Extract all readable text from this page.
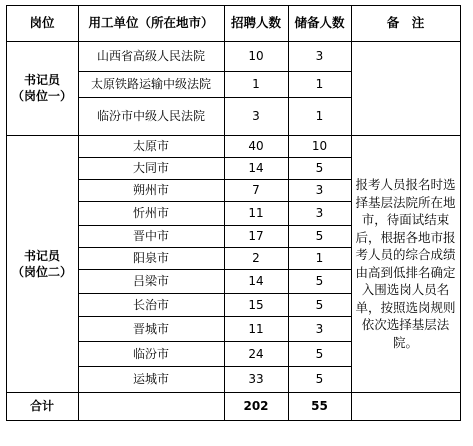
岗位	用工单位（所在地市）	招聘人数	储备人数	备　注
书记员
（岗位一）
山西省高级人民法院	10	3
太原铁路运输中级法院	1	1
临汾市中级人民法院	3	1
书记员
（岗位二）
太原市	40	10
大同市	14	5
朔州市	7	3
忻州市	11	3
晋中市	17	5
阳泉市	2	1
吕梁市	14	5
长治市	15	5
晋城市	11	3
临汾市	24	5
运城市	33	5
报考人员报名时选择基层法院所在地市，待面试结束后，根据各地市报考人员的综合成绩由高到低排名确定入围选岗人员名单，按照选岗规则依次选择基层法院。
合计	202	55
